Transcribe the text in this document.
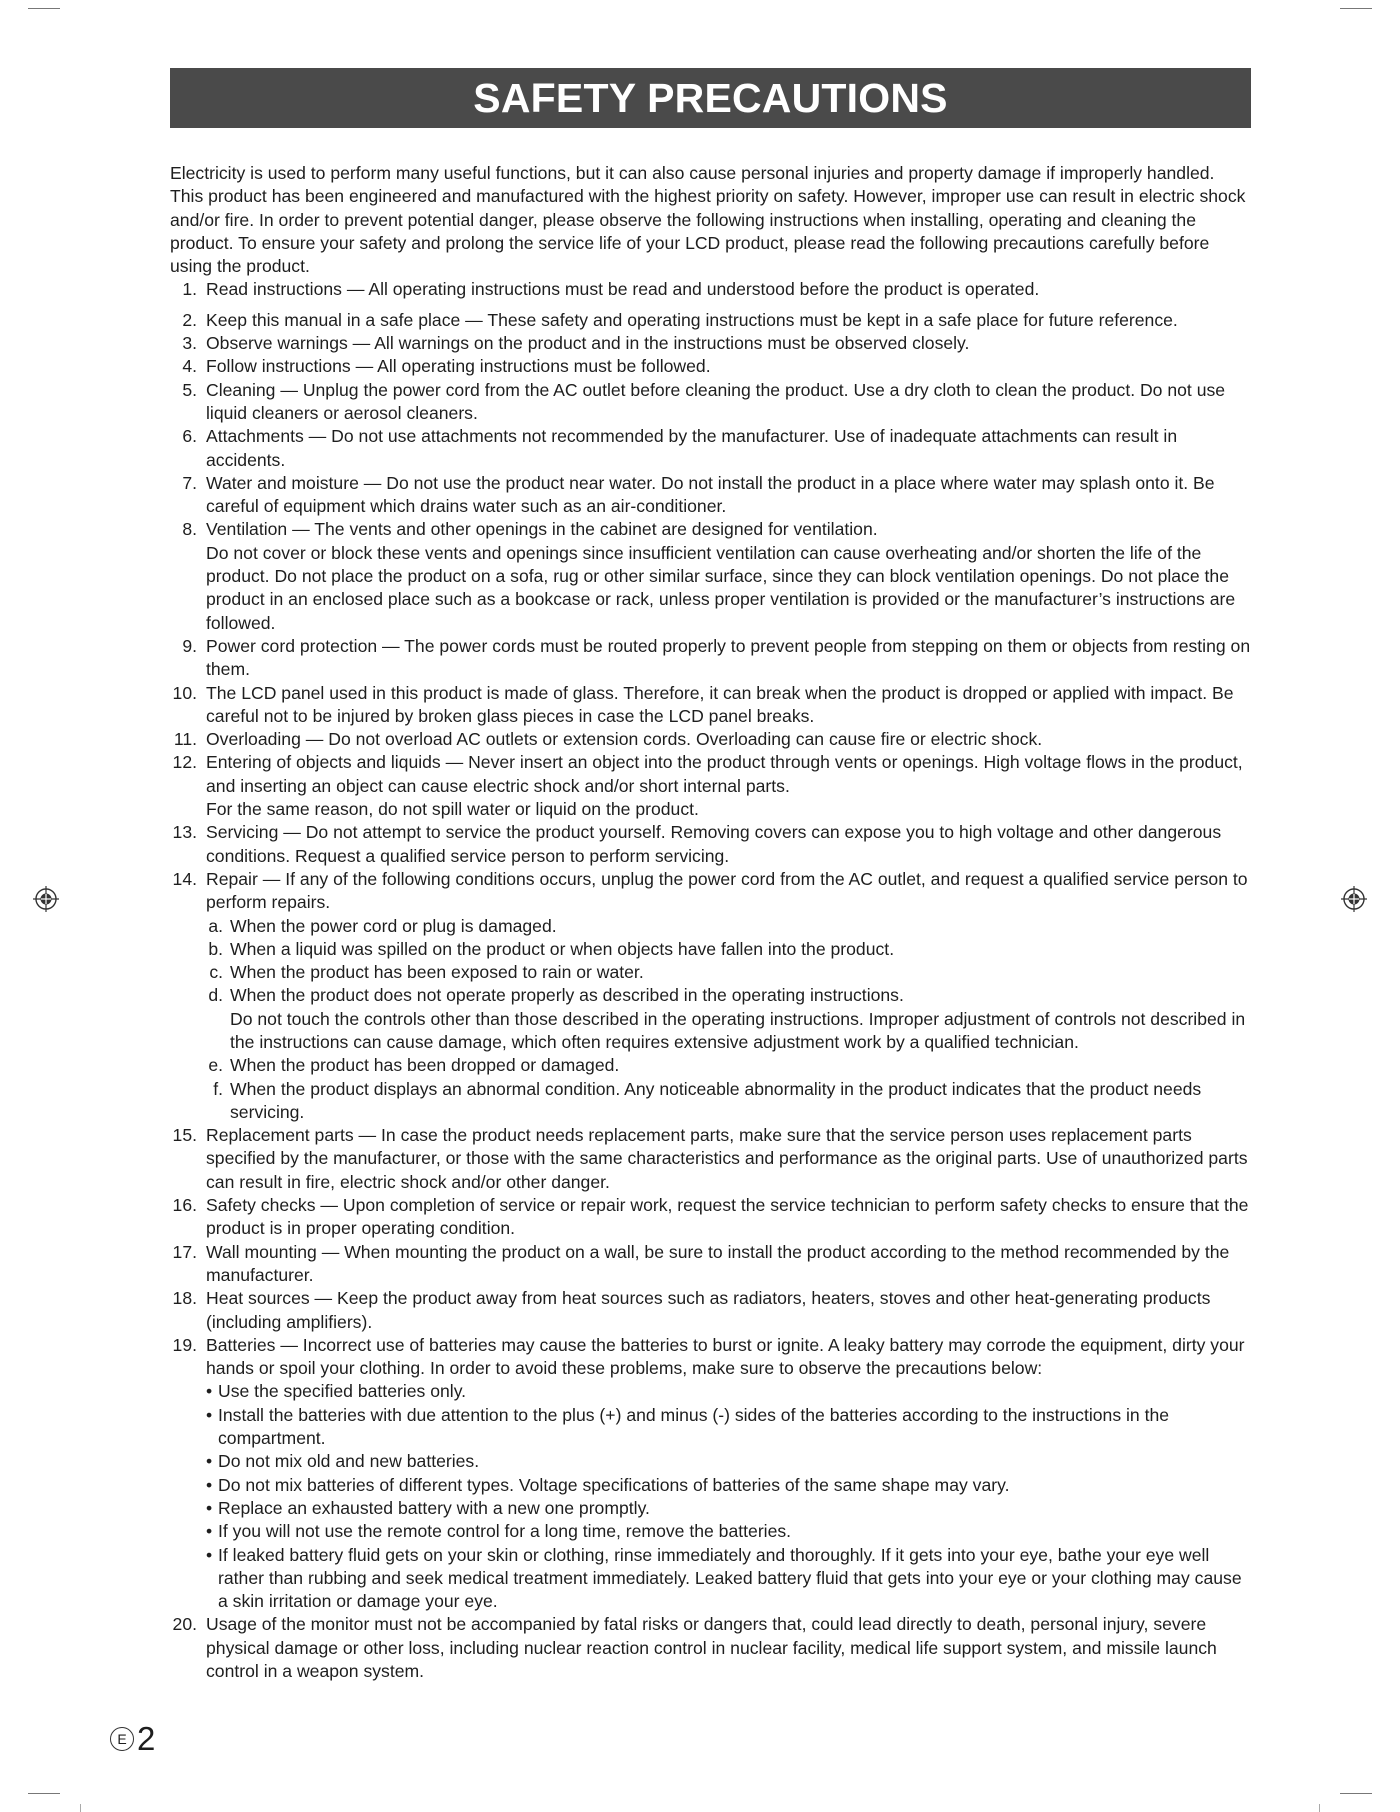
SAFETY PRECAUTIONS
Electricity is used to perform many useful functions, but it can also cause personal injuries and property damage if improperly handled. This product has been engineered and manufactured with the highest priority on safety. However, improper use can result in electric shock and/or fire. In order to prevent potential danger, please observe the following instructions when installing, operating and cleaning the product. To ensure your safety and prolong the service life of your LCD product, please read the following precautions carefully before using the product.
1. Read instructions — All operating instructions must be read and understood before the product is operated.
2. Keep this manual in a safe place — These safety and operating instructions must be kept in a safe place for future reference.
3. Observe warnings — All warnings on the product and in the instructions must be observed closely.
4. Follow instructions — All operating instructions must be followed.
5. Cleaning — Unplug the power cord from the AC outlet before cleaning the product. Use a dry cloth to clean the product. Do not use liquid cleaners or aerosol cleaners.
6. Attachments — Do not use attachments not recommended by the manufacturer. Use of inadequate attachments can result in accidents.
7. Water and moisture — Do not use the product near water. Do not install the product in a place where water may splash onto it. Be careful of equipment which drains water such as an air-conditioner.
8. Ventilation — The vents and other openings in the cabinet are designed for ventilation.
Do not cover or block these vents and openings since insufficient ventilation can cause overheating and/or shorten the life of the product. Do not place the product on a sofa, rug or other similar surface, since they can block ventilation openings. Do not place the product in an enclosed place such as a bookcase or rack, unless proper ventilation is provided or the manufacturer’s instructions are followed.
9. Power cord protection — The power cords must be routed properly to prevent people from stepping on them or objects from resting on them.
10. The LCD panel used in this product is made of glass. Therefore, it can break when the product is dropped or applied with impact. Be careful not to be injured by broken glass pieces in case the LCD panel breaks.
11. Overloading — Do not overload AC outlets or extension cords. Overloading can cause fire or electric shock.
12. Entering of objects and liquids — Never insert an object into the product through vents or openings. High voltage flows in the product, and inserting an object can cause electric shock and/or short internal parts.
For the same reason, do not spill water or liquid on the product.
13. Servicing — Do not attempt to service the product yourself. Removing covers can expose you to high voltage and other dangerous conditions. Request a qualified service person to perform servicing.
14. Repair — If any of the following conditions occurs, unplug the power cord from the AC outlet, and request a qualified service person to perform repairs.
a. When the power cord or plug is damaged.
b. When a liquid was spilled on the product or when objects have fallen into the product.
c. When the product has been exposed to rain or water.
d. When the product does not operate properly as described in the operating instructions.
Do not touch the controls other than those described in the operating instructions. Improper adjustment of controls not described in the instructions can cause damage, which often requires extensive adjustment work by a qualified technician.
e. When the product has been dropped or damaged.
f. When the product displays an abnormal condition. Any noticeable abnormality in the product indicates that the product needs servicing.
15. Replacement parts — In case the product needs replacement parts, make sure that the service person uses replacement parts specified by the manufacturer, or those with the same characteristics and performance as the original parts. Use of unauthorized parts can result in fire, electric shock and/or other danger.
16. Safety checks — Upon completion of service or repair work, request the service technician to perform safety checks to ensure that the product is in proper operating condition.
17. Wall mounting — When mounting the product on a wall, be sure to install the product according to the method recommended by the manufacturer.
18. Heat sources — Keep the product away from heat sources such as radiators, heaters, stoves and other heat-generating products (including amplifiers).
19. Batteries — Incorrect use of batteries may cause the batteries to burst or ignite. A leaky battery may corrode the equipment, dirty your hands or spoil your clothing. In order to avoid these problems, make sure to observe the precautions below:
• Use the specified batteries only.
• Install the batteries with due attention to the plus (+) and minus (-) sides of the batteries according to the instructions in the compartment.
• Do not mix old and new batteries.
• Do not mix batteries of different types. Voltage specifications of batteries of the same shape may vary.
• Replace an exhausted battery with a new one promptly.
• If you will not use the remote control for a long time, remove the batteries.
• If leaked battery fluid gets on your skin or clothing, rinse immediately and thoroughly. If it gets into your eye, bathe your eye well rather than rubbing and seek medical treatment immediately. Leaked battery fluid that gets into your eye or your clothing may cause a skin irritation or damage your eye.
20. Usage of the monitor must not be accompanied by fatal risks or dangers that, could lead directly to death, personal injury, severe physical damage or other loss, including nuclear reaction control in nuclear facility, medical life support system, and missile launch control in a weapon system.
E 2
